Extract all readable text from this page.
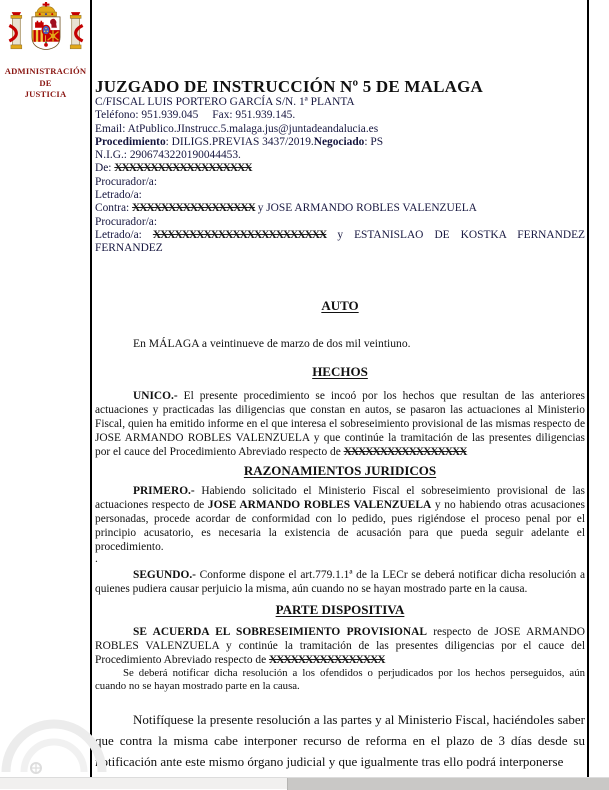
ADMINISTRACIÓN
DE
JUSTICIA	JUZGADO DE INSTRUCCIÓN Nº 5 DE MALAGA
C/FISCAL LUIS PORTERO GARCÍA S/N. 1ª PLANTA
Teléfono: 951.939.045 Fax: 951.939.145.
Email: AtPublico.JInstrucc.5.malaga.jus@juntadeandalucia.es
Procedimiento: DILIGS.PREVIAS 3437/2019.Negociado: PS
N.I.G.: 2906743220190044453.
De: XXXXXXXXXXXXXXXXXXX
Procurador/a:
Letrado/a:
Contra: XXXXXXXXXXXXXXXXX y JOSE ARMANDO ROBLES VALENZUELA
Procurador/a:
Letrado/a: XXXXXXXXXXXXXXXXXXXXXXXX y ESTANISLAO DE KOSTKA FERNANDEZ FERNANDEZ
AUTO

En MÁLAGA a veintinueve de marzo de dos mil veintiuno.

HECHOS

UNICO.- El presente procedimiento se incoó por los hechos que resultan de las anteriores actuaciones y practicadas las diligencias que constan en autos, se pasaron las actuaciones al Ministerio Fiscal, quien ha emitido informe en el que interesa el sobreseimiento provisional de las mismas respecto de JOSE ARMANDO ROBLES VALENZUELA y que continúe la tramitación de las presentes diligencias por el cauce del Procedimiento Abreviado respecto de XXXXXXXXXXXXXXXXX

RAZONAMIENTOS JURIDICOS

PRIMERO.- Habiendo solicitado el Ministerio Fiscal el sobreseimiento provisional de las actuaciones respecto de JOSE ARMANDO ROBLES VALENZUELA y no habiendo otras acusaciones personadas, procede acordar de conformidad con lo pedido, pues rigiéndose el proceso penal por el principio acusatorio, es necesaria la existencia de acusación para que pueda seguir adelante el procedimiento.

.

SEGUNDO.- Conforme dispone el art.779.1.1ª de la LECr se deberá notificar dicha resolución a quienes pudiera causar perjuicio la misma, aún cuando no se hayan mostrado parte en la causa.

PARTE DISPOSITIVA

SE ACUERDA EL SOBRESEIMIENTO PROVISIONAL respecto de JOSE ARMANDO ROBLES VALENZUELA y continúe la tramitación de las presentes diligencias por el cauce del Procedimiento Abreviado respecto de XXXXXXXXXXXXXXXX

Se deberá notificar dicha resolución a los ofendidos o perjudicados por los hechos perseguidos, aún cuando no se hayan mostrado parte en la causa.

Notifíquese la presente resolución a las partes y al Ministerio Fiscal, haciéndoles saber que contra la misma cabe interponer recurso de reforma en el plazo de 3 días desde su notificación ante este mismo órgano judicial y que igualmente tras ello podrá interponerse
